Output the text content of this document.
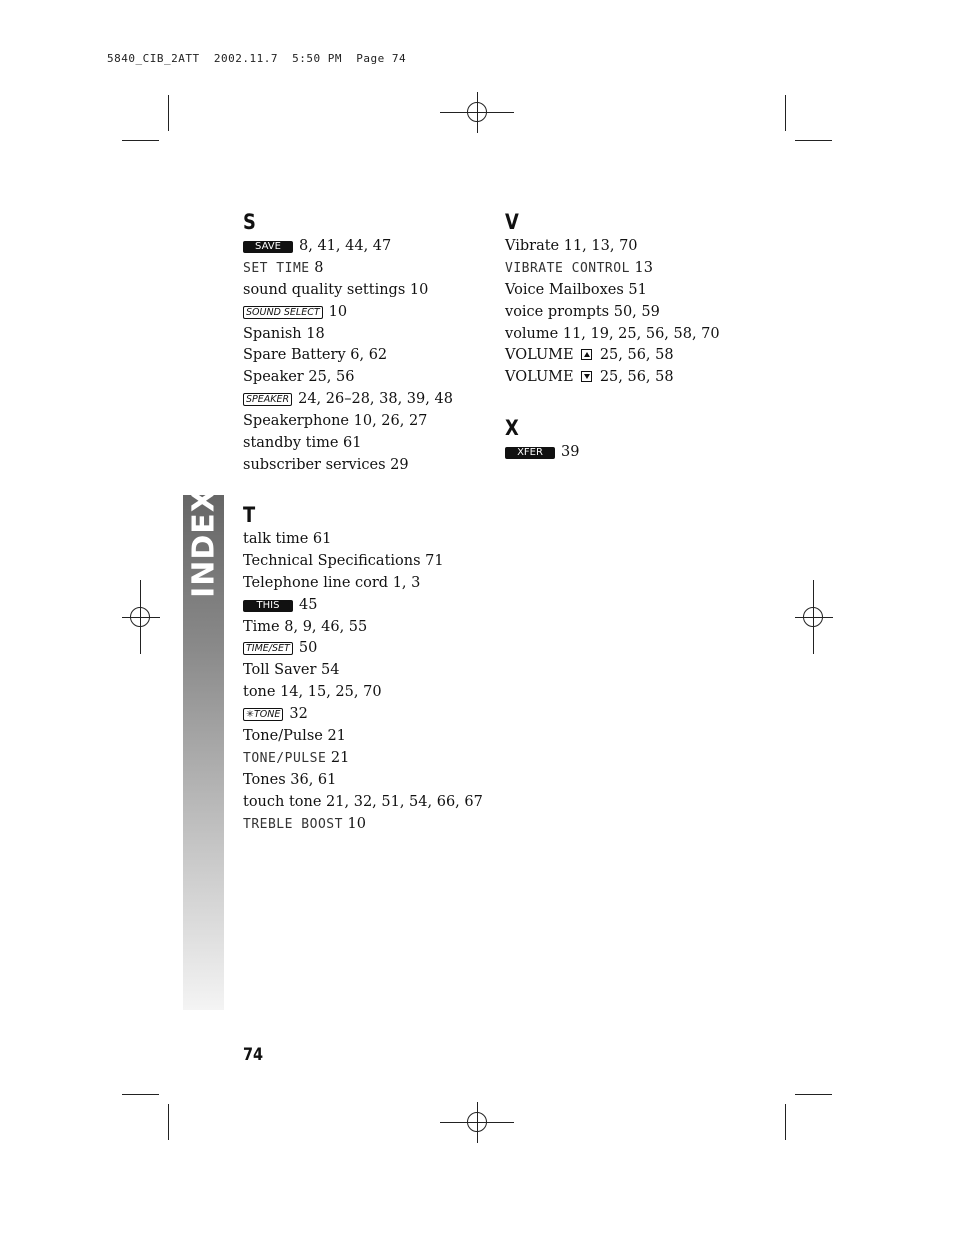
5840_CIB_2ATT  2002.11.7  5:50 PM  Page 74
INDEX
S
SAVE 8, 41, 44, 47
SET TIME 8
sound quality settings 10
SOUND SELECT 10
Spanish 18
Spare Battery 6, 62
Speaker 25, 56
SPEAKER 24, 26–28, 38, 39, 48
Speakerphone 10, 26, 27
standby time 61
subscriber services 29
T
talk time 61
Technical Specifications 71
Telephone line cord 1, 3
THIS 45
Time 8, 9, 46, 55
TIME/SET 50
Toll Saver 54
tone 14, 15, 25, 70
✳TONE 32
Tone/Pulse 21
TONE/PULSE 21
Tones 36, 61
touch tone 21, 32, 51, 54, 66, 67
TREBLE BOOST 10
V
Vibrate 11, 13, 70
VIBRATE CONTROL 13
Voice Mailboxes 51
voice prompts 50, 59
volume 11, 19, 25, 56, 58, 70
VOLUME 25, 56, 58
VOLUME 25, 56, 58
X
XFER 39
74
